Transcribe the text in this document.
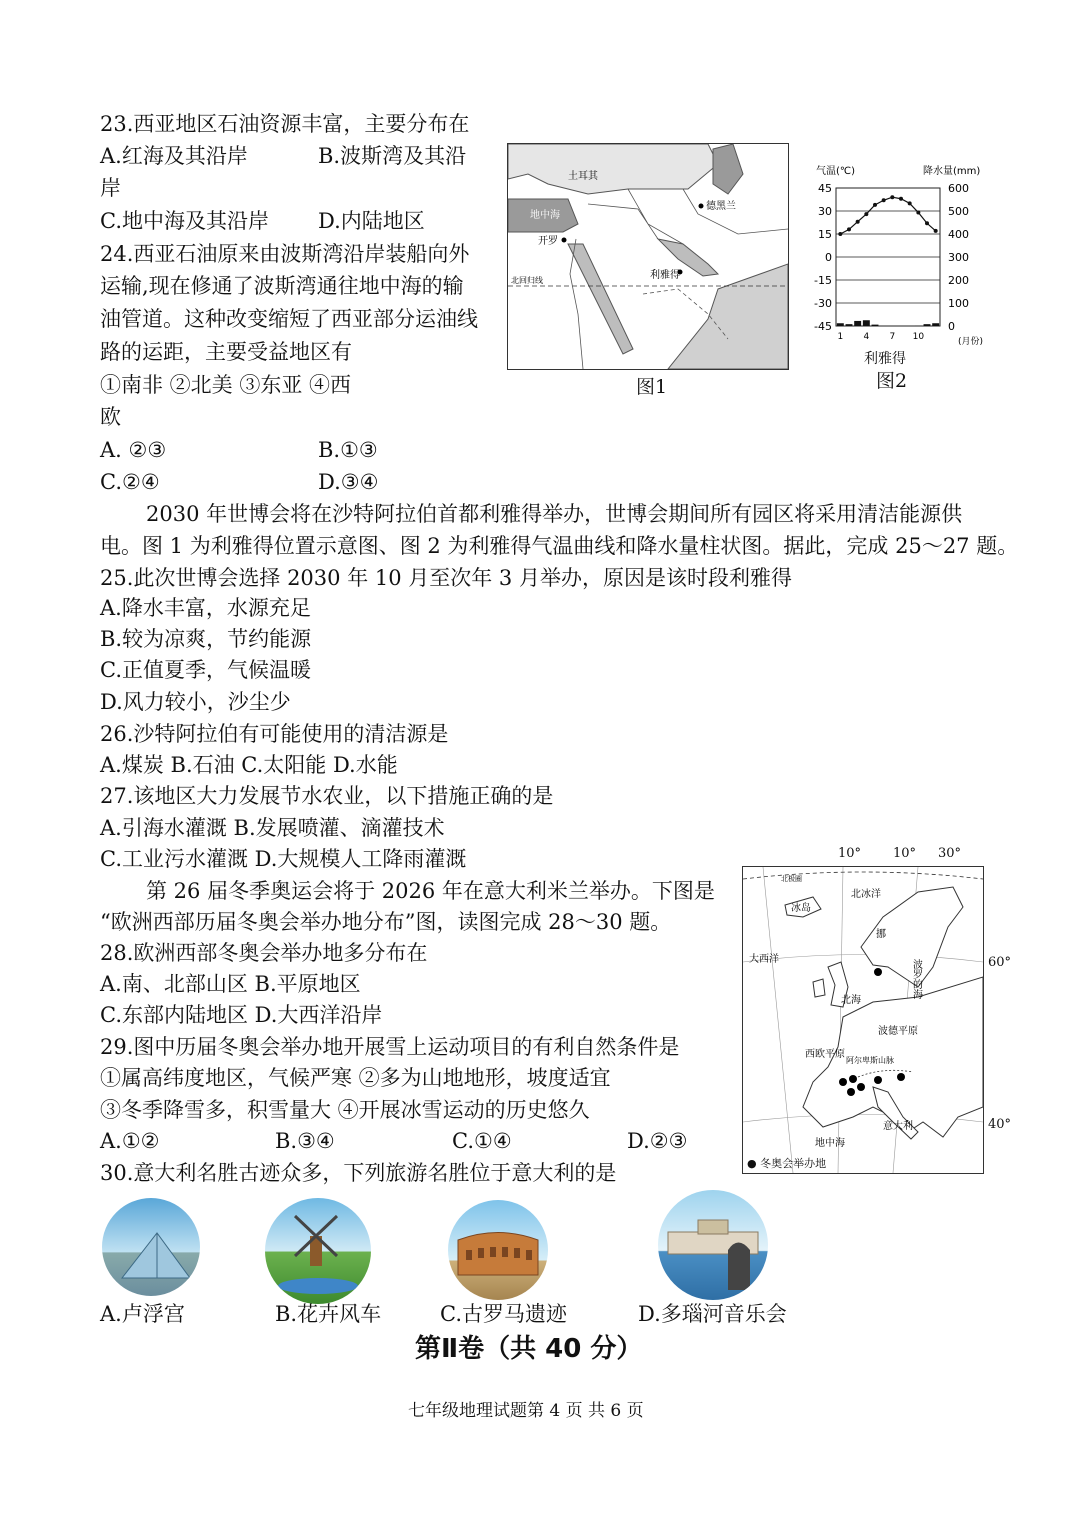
23.西亚地区石油资源丰富，主要分布在
A.红海及其沿岸	B.波斯湾及其沿
岸
C.地中海及其沿岸 D.内陆地区
24.西亚石油原来由波斯湾沿岸装船向外
运输,现在修通了波斯湾通往地中海的输
油管道。这种改变缩短了西亚部分运油线
路的运距，主要受益地区有
①南非 ②北美 ③东亚 ④西
欧
A. ②③	B.①③
C.②④	D.③④
土耳其
地中海
德黑兰
开罗
利雅得
北回归线
图1
气温(℃)	降水量(mm)
45	600
30	500
15	400
0	300
-15	200
-30	100
-45	0
1 4 7 10	(月份)
利雅得
图2
2030 年世博会将在沙特阿拉伯首都利雅得举办，世博会期间所有园区将采用清洁能源供
电。图 1 为利雅得位置示意图、图 2 为利雅得气温曲线和降水量柱状图。据此，完成 25～27 题。
25.此次世博会选择 2030 年 10 月至次年 3 月举办，原因是该时段利雅得
A.降水丰富，水源充足
B.较为凉爽，节约能源
C.正值夏季，气候温暖
D.风力较小，沙尘少
26.沙特阿拉伯有可能使用的清洁源是
A.煤炭 B.石油 C.太阳能 D.水能
27.该地区大力发展节水农业，以下措施正确的是
A.引海水灌溉 B.发展喷灌、滴灌技术
C.工业污水灌溉 D.大规模人工降雨灌溉
第 26 届冬季奥运会将于 2026 年在意大利米兰举办。下图是
“欧洲西部历届冬奥会举办地分布”图，读图完成 28～30 题。
28.欧洲西部冬奥会举办地多分布在
A.南、北部山区 B.平原地区
C.东部内陆地区 D.大西洋沿岸
29.图中历届冬奥会举办地开展雪上运动项目的有利自然条件是
①属高纬度地区，气候严寒 ②多为山地地形，坡度适宜
③冬季降雪多，积雪量大 ④开展冰雪运动的历史悠久
A.①②	B.③④	C.①④	D.②③
北极圈
北冰洋
冰岛
大西洋
挪
波罗的海
北海
波德平原
西欧平原
阿尔卑斯山脉
意大利
地中海
● 冬奥会举办地
10° 10° 30°
60°
40°
30.意大利名胜古迹众多，下列旅游名胜位于意大利的是
A.卢浮宫	B.花卉风车	C.古罗马遗迹	D.多瑙河音乐会
第Ⅱ卷（共 40 分）
七年级地理试题第 4 页 共 6 页
